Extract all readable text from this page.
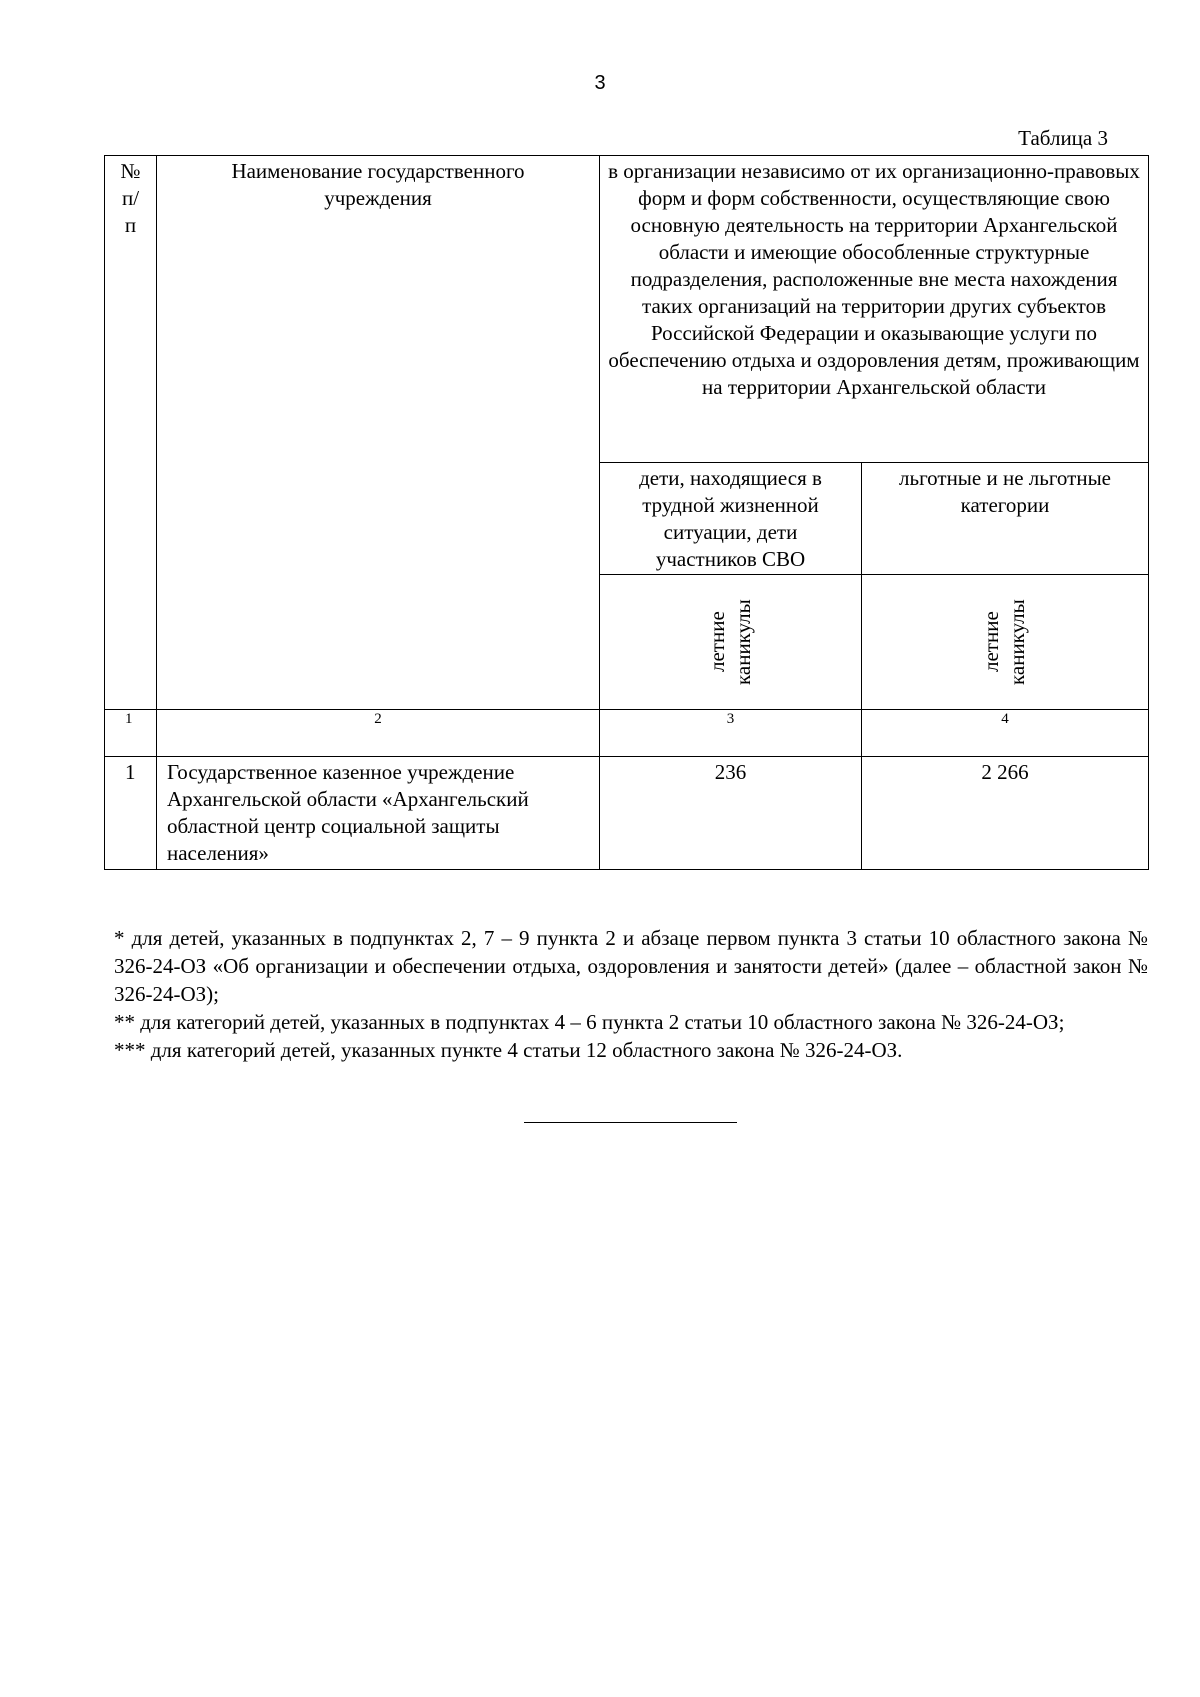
3
Таблица 3
№ п/ п	Наименование государственного учреждения	в организации независимо от их организационно-правовых форм и форм собственности, осуществляющие свою основную деятельность на территории Архангельской области и имеющие обособленные структурные подразделения, расположенные вне места нахождения таких организаций на территории других субъектов Российской Федерации и оказывающие услуги по обеспечению отдыха и оздоровления детям, проживающим на территории Архангельской области	

		дети, находящиеся в трудной жизненной ситуации, дети участников СВО	льготные и не льготные категории

		летние каникулы	летние каникулы

1	2	3	4
1	Государственное казенное учреждение Архангельской области «Архангельский областной центр социальной защиты населения»	236	2 266

* для детей, указанных в подпунктах 2, 7 – 9 пункта 2 и абзаце первом пункта 3 статьи 10 областного закона № 326-24-ОЗ «Об организации и обеспечении отдыха, оздоровления и занятости детей» (далее – областной закон № 326-24-ОЗ);

** для категорий детей, указанных в подпунктах 4 – 6 пункта 2 статьи 10 областного закона № 326-24-ОЗ;

*** для категорий детей, указанных пункте 4 статьи 12 областного закона № 326-24-ОЗ.
